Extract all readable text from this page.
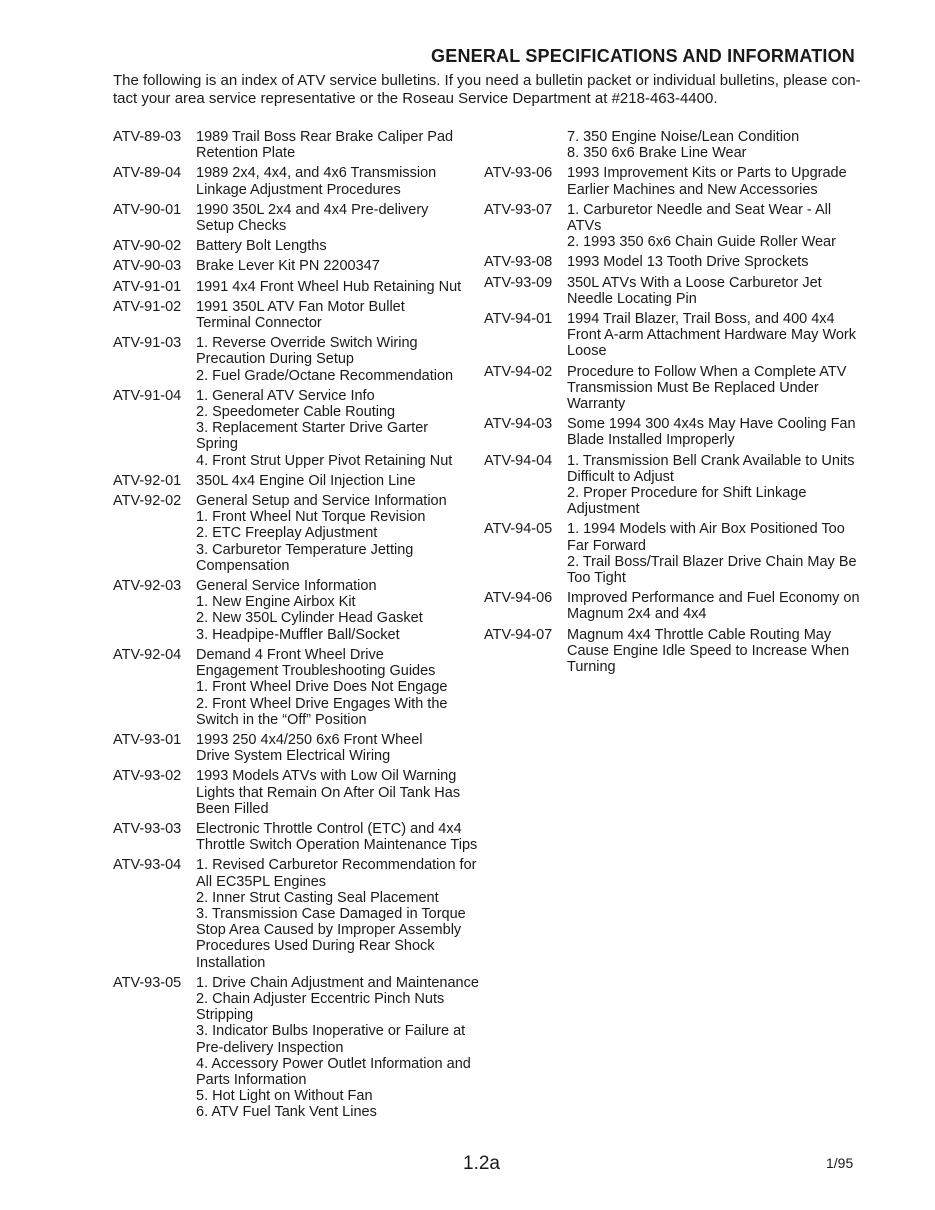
GENERAL SPECIFICATIONS AND INFORMATION
The following is an index of ATV service bulletins. If you need a bulletin packet or individual bulletins, please con-
tact your area service representative or the Roseau Service Department at #218-463-4400.
ATV-89-03	1989 Trail Boss Rear Brake Caliper Pad
Retention Plate
ATV-89-04	1989 2x4, 4x4, and 4x6 Transmission
Linkage Adjustment Procedures
ATV-90-01	1990 350L 2x4 and 4x4 Pre-delivery
Setup Checks
ATV-90-02	Battery Bolt Lengths
ATV-90-03	Brake Lever Kit PN 2200347
ATV-91-01	1991 4x4 Front Wheel Hub Retaining Nut
ATV-91-02	1991 350L ATV Fan Motor Bullet
Terminal Connector
ATV-91-03	1. Reverse Override Switch Wiring
Precaution During Setup
2. Fuel Grade/Octane Recommendation
ATV-91-04	1. General ATV Service Info
2. Speedometer Cable Routing
3. Replacement Starter Drive Garter
Spring
4. Front Strut Upper Pivot Retaining Nut
ATV-92-01	350L 4x4 Engine Oil Injection Line
ATV-92-02	General Setup and Service Information
1. Front Wheel Nut Torque Revision
2. ETC Freeplay Adjustment
3. Carburetor Temperature Jetting
Compensation
ATV-92-03	General Service Information
1. New Engine Airbox Kit
2. New 350L Cylinder Head Gasket
3. Headpipe-Muffler Ball/Socket
ATV-92-04	Demand 4 Front Wheel Drive
Engagement Troubleshooting Guides
1. Front Wheel Drive Does Not Engage
2. Front Wheel Drive Engages With the
Switch in the “Off” Position
ATV-93-01	1993 250 4x4/250 6x6 Front Wheel
Drive System Electrical Wiring
ATV-93-02	1993 Models ATVs with Low Oil Warning
Lights that Remain On After Oil Tank Has
Been Filled
ATV-93-03	Electronic Throttle Control (ETC) and 4x4
Throttle Switch Operation Maintenance Tips
ATV-93-04	1. Revised Carburetor Recommendation for
All EC35PL Engines
2. Inner Strut Casting Seal Placement
3. Transmission Case Damaged in Torque
Stop Area Caused by Improper Assembly
Procedures Used During Rear Shock
Installation
ATV-93-05	1. Drive Chain Adjustment and Maintenance
2. Chain Adjuster Eccentric Pinch Nuts
Stripping
3. Indicator Bulbs Inoperative or Failure at
Pre-delivery Inspection
4. Accessory Power Outlet Information and
Parts Information
5. Hot Light on Without Fan
6. ATV Fuel Tank Vent Lines
7. 350 Engine Noise/Lean Condition
8. 350 6x6 Brake Line Wear
ATV-93-06	1993 Improvement Kits or Parts to Upgrade
Earlier Machines and New Accessories
ATV-93-07	1. Carburetor Needle and Seat Wear - All
ATVs
2. 1993 350 6x6 Chain Guide Roller Wear
ATV-93-08	1993 Model 13 Tooth Drive Sprockets
ATV-93-09	350L ATVs With a Loose Carburetor Jet
Needle Locating Pin
ATV-94-01	1994 Trail Blazer, Trail Boss, and 400 4x4
Front A-arm Attachment Hardware May Work
Loose
ATV-94-02	Procedure to Follow When a Complete ATV
Transmission Must Be Replaced Under
Warranty
ATV-94-03	Some 1994 300 4x4s May Have Cooling Fan
Blade Installed Improperly
ATV-94-04	1. Transmission Bell Crank Available to Units
Difficult to Adjust
2. Proper Procedure for Shift Linkage
Adjustment
ATV-94-05	1. 1994 Models with Air Box Positioned Too
Far Forward
2. Trail Boss/Trail Blazer Drive Chain May Be
Too Tight
ATV-94-06	Improved Performance and Fuel Economy on
Magnum 2x4 and 4x4
ATV-94-07	Magnum 4x4 Throttle Cable Routing May
Cause Engine Idle Speed to Increase When
Turning
1.2a	1/95
